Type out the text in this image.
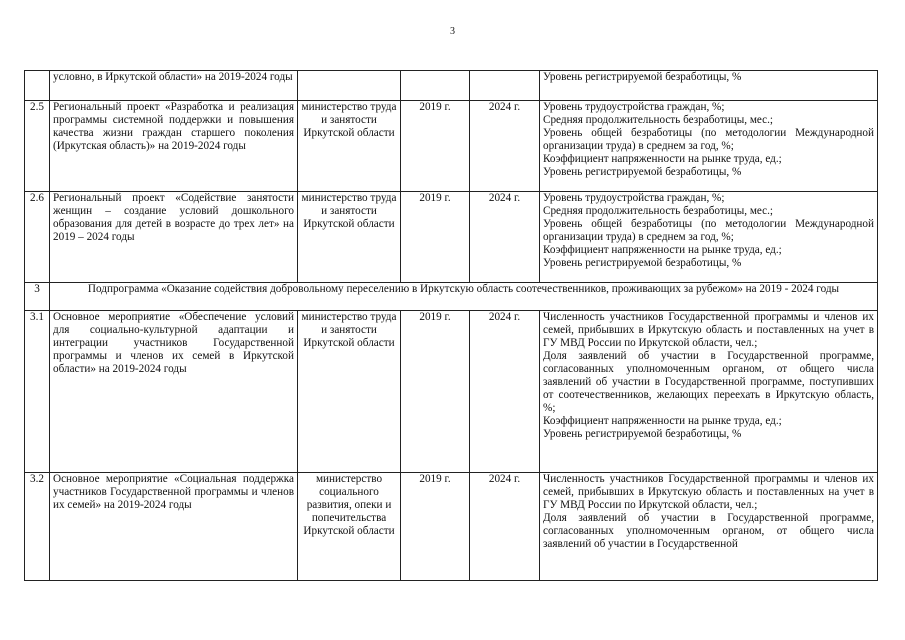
3
	условно, в Иркутской области» на 2019-2024 годы				Уровень регистрируемой безработицы, %

2.5	Региональный проект «Разработка и реализация программы системной поддержки и повышения качества жизни граждан старшего поколения (Иркутская область)» на 2019-2024 годы	министерство труда и занятости Иркутской области	2019 г.	2024 г.	Уровень трудоустройства граждан, %;
Средняя продолжительность безработицы, мес.;
Уровень общей безработицы (по методологии Международной организации труда) в среднем за год, %;
Коэффициент напряженности на рынке труда, ед.;
Уровень регистрируемой безработицы, %

2.6	Региональный проект «Содействие занятости женщин – создание условий дошкольного образования для детей в возрасте до трех лет» на 2019 – 2024 годы	министерство труда и занятости Иркутской области	2019 г.	2024 г.	Уровень трудоустройства граждан, %;
Средняя продолжительность безработицы, мес.;
Уровень общей безработицы (по методологии Международной организации труда) в среднем за год, %;
Коэффициент напряженности на рынке труда, ед.;
Уровень регистрируемой безработицы, %

3	Подпрограмма «Оказание содействия добровольному переселению в Иркутскую область соотечественников, проживающих за рубежом» на 2019 - 2024 годы				
3.1	Основное мероприятие «Обеспечение условий для социально-культурной адаптации и интеграции участников Государственной программы и членов их семей в Иркутской области» на 2019-2024 годы	министерство труда и занятости Иркутской области	2019 г.	2024 г.	Численность участников Государственной программы и членов их семей, прибывших в Иркутскую область и поставленных на учет в ГУ МВД России по Иркутской области, чел.;
Доля заявлений об участии в Государственной программе, согласованных уполномоченным органом, от общего числа заявлений об участии в Государственной программе, поступивших от соотечественников, желающих переехать в Иркутскую область, %;
Коэффициент напряженности на рынке труда, ед.;
Уровень регистрируемой безработицы, %

3.2	Основное мероприятие «Социальная поддержка участников Государственной программы и членов их семей» на 2019-2024 годы	министерство социального развития, опеки и попечительства Иркутской области	2019 г.	2024 г.	Численность участников Государственной программы и членов их семей, прибывших в Иркутскую область и поставленных на учет в ГУ МВД России по Иркутской области, чел.;
Доля заявлений об участии в Государственной программе, согласованных уполномоченным органом, от общего числа заявлений об участии в Государственной
